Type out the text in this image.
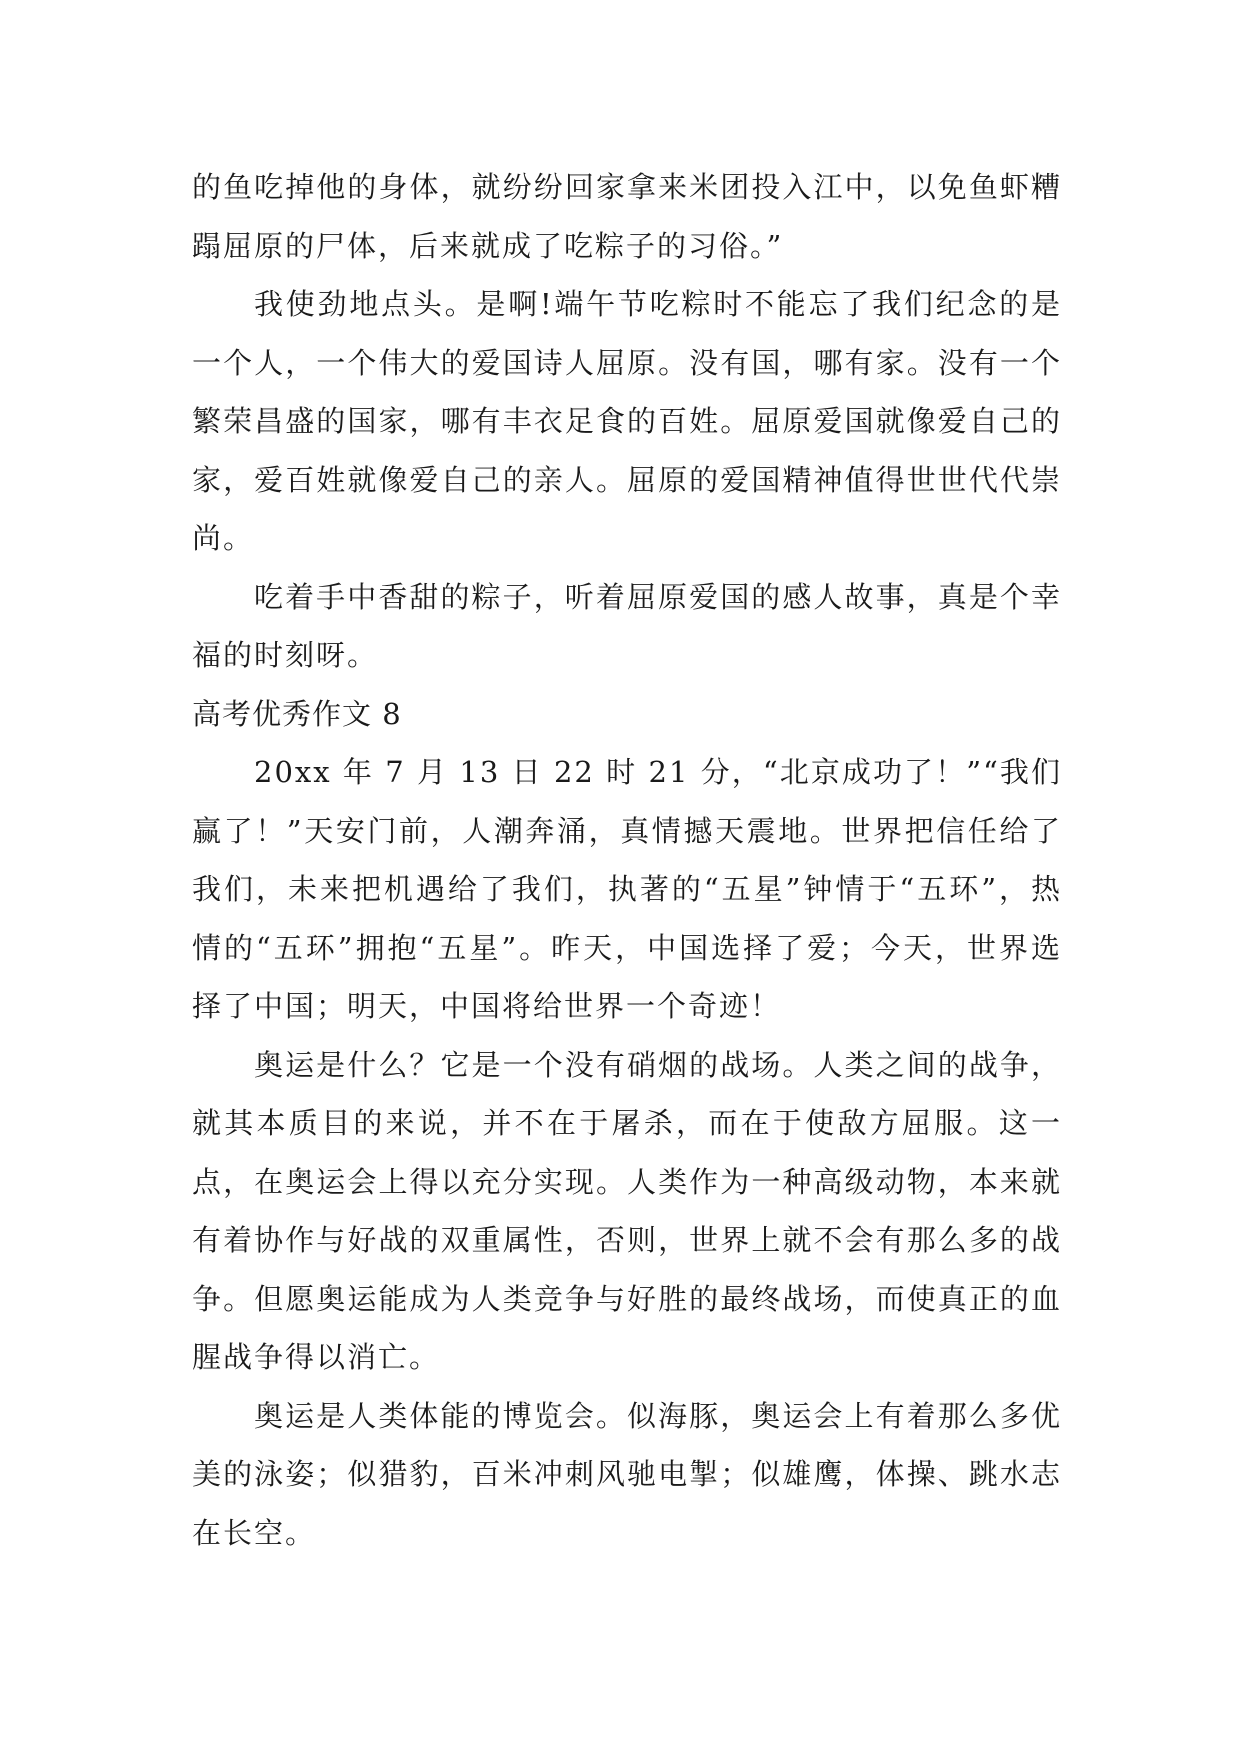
的鱼吃掉他的身体，就纷纷回家拿来米团投入江中，以免鱼虾糟蹋屈原的尸体，后来就成了吃粽子的习俗。”

我使劲地点头。是啊!端午节吃粽时不能忘了我们纪念的是一个人，一个伟大的爱国诗人屈原。没有国，哪有家。没有一个繁荣昌盛的国家，哪有丰衣足食的百姓。屈原爱国就像爱自己的家，爱百姓就像爱自己的亲人。屈原的爱国精神值得世世代代崇尚。

吃着手中香甜的粽子，听着屈原爱国的感人故事，真是个幸福的时刻呀。

高考优秀作文 8

20xx 年 7 月 13 日 22 时 21 分，“北京成功了！”“我们赢了！”天安门前，人潮奔涌，真情撼天震地。世界把信任给了我们，未来把机遇给了我们，执著的“五星”钟情于“五环”，热情的“五环”拥抱“五星”。昨天，中国选择了爱；今天，世界选择了中国；明天，中国将给世界一个奇迹！

奥运是什么？它是一个没有硝烟的战场。人类之间的战争，就其本质目的来说，并不在于屠杀，而在于使敌方屈服。这一点，在奥运会上得以充分实现。人类作为一种高级动物，本来就有着协作与好战的双重属性，否则，世界上就不会有那么多的战争。但愿奥运能成为人类竞争与好胜的最终战场，而使真正的血腥战争得以消亡。

奥运是人类体能的博览会。似海豚，奥运会上有着那么多优美的泳姿；似猎豹，百米冲刺风驰电掣；似雄鹰，体操、跳水志在长空。
